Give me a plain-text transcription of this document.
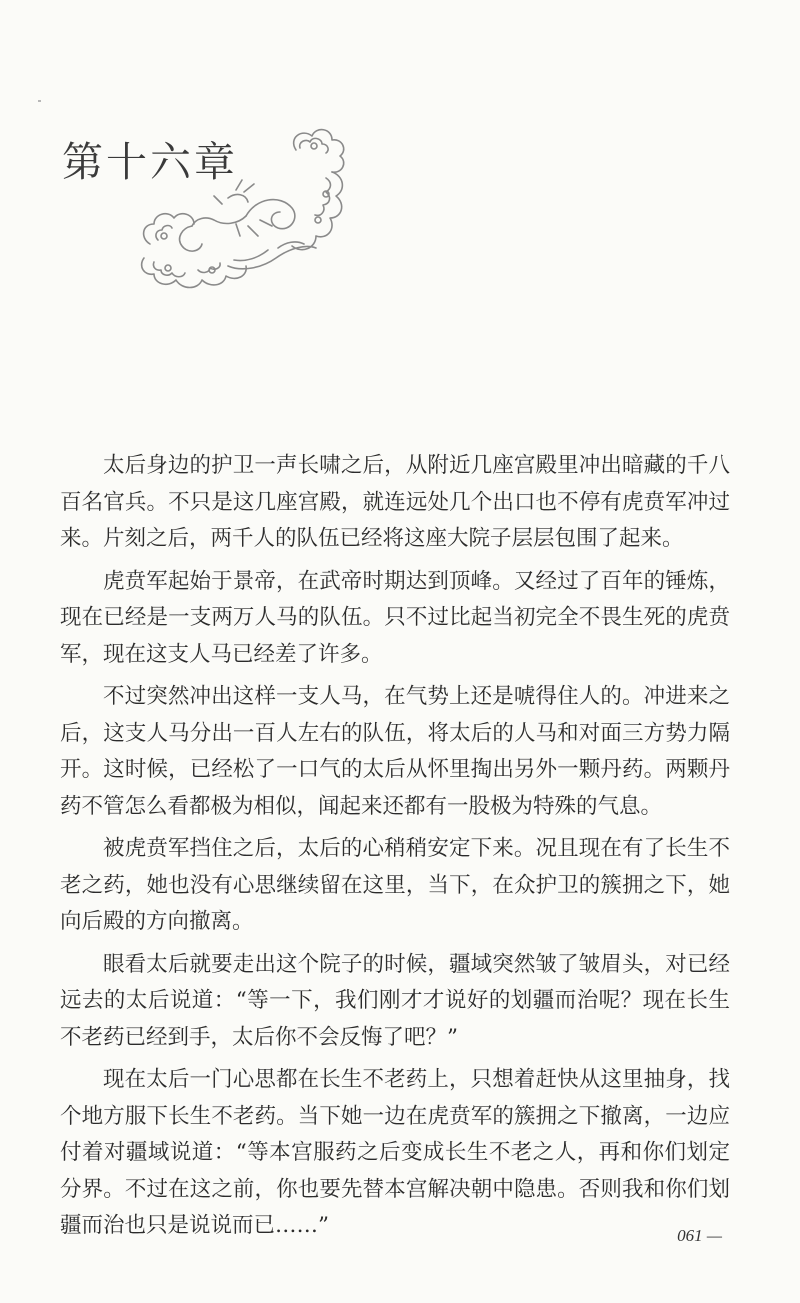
第十六章

太后身边的护卫一声长啸之后，从附近几座宫殿里冲出暗藏的千八百名官兵。不只是这几座宫殿，就连远处几个出口也不停有虎贲军冲过来。片刻之后，两千人的队伍已经将这座大院子层层包围了起来。

虎贲军起始于景帝，在武帝时期达到顶峰。又经过了百年的锤炼，现在已经是一支两万人马的队伍。只不过比起当初完全不畏生死的虎贲军，现在这支人马已经差了许多。

不过突然冲出这样一支人马，在气势上还是唬得住人的。冲进来之后，这支人马分出一百人左右的队伍，将太后的人马和对面三方势力隔开。这时候，已经松了一口气的太后从怀里掏出另外一颗丹药。两颗丹药不管怎么看都极为相似，闻起来还都有一股极为特殊的气息。

被虎贲军挡住之后，太后的心稍稍安定下来。况且现在有了长生不老之药，她也没有心思继续留在这里，当下，在众护卫的簇拥之下，她向后殿的方向撤离。

眼看太后就要走出这个院子的时候，疆域突然皱了皱眉头，对已经远去的太后说道：“等一下，我们刚才才说好的划疆而治呢？现在长生不老药已经到手，太后你不会反悔了吧？”

现在太后一门心思都在长生不老药上，只想着赶快从这里抽身，找个地方服下长生不老药。当下她一边在虎贲军的簇拥之下撤离，一边应付着对疆域说道：“等本宫服药之后变成长生不老之人，再和你们划定分界。不过在这之前，你也要先替本宫解决朝中隐患。否则我和你们划疆而治也只是说说而已……”	061 —
